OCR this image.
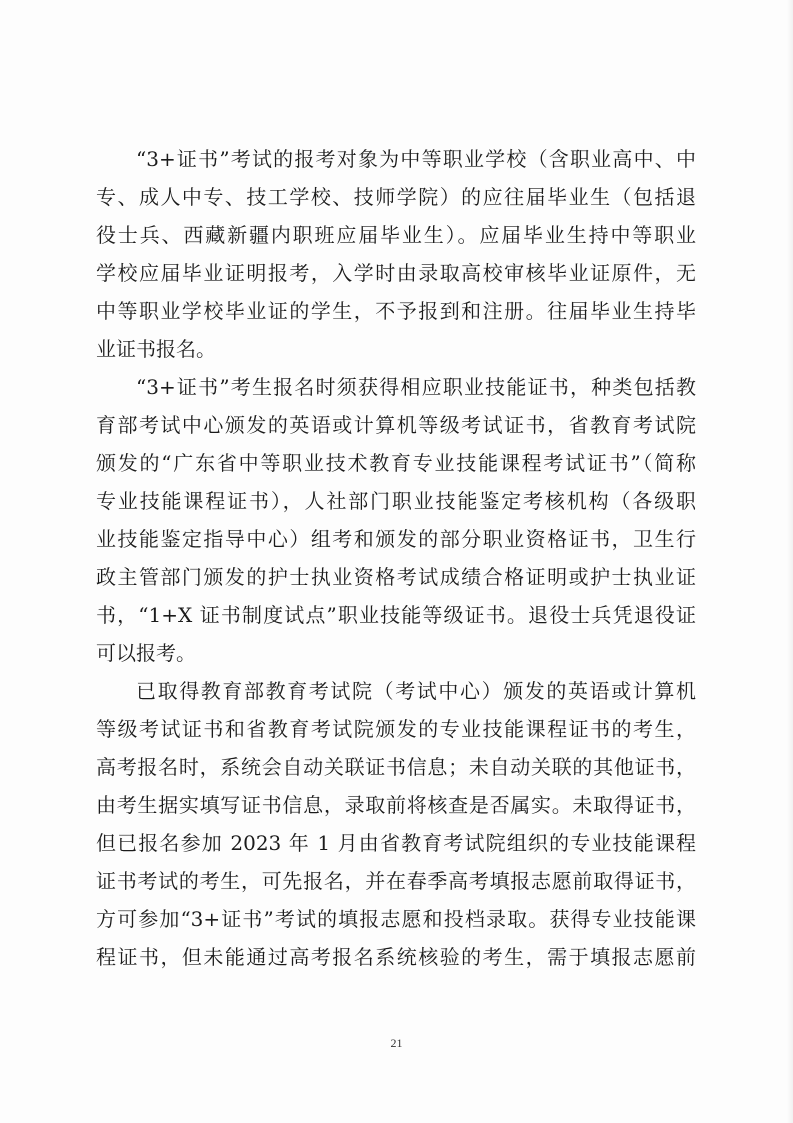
“3+证书”考试的报考对象为中等职业学校（含职业高中、中
专、成人中专、技工学校、技师学院）的应往届毕业生（包括退
役士兵、西藏新疆内职班应届毕业生）。应届毕业生持中等职业
学校应届毕业证明报考，入学时由录取高校审核毕业证原件，无
中等职业学校毕业证的学生，不予报到和注册。往届毕业生持毕
业证书报名。
“3+证书”考生报名时须获得相应职业技能证书，种类包括教
育部考试中心颁发的英语或计算机等级考试证书，省教育考试院
颁发的“广东省中等职业技术教育专业技能课程考试证书”（简称
专业技能课程证书），人社部门职业技能鉴定考核机构（各级职
业技能鉴定指导中心）组考和颁发的部分职业资格证书，卫生行
政主管部门颁发的护士执业资格考试成绩合格证明或护士执业证
书，“1+X 证书制度试点”职业技能等级证书。退役士兵凭退役证
可以报考。
已取得教育部教育考试院（考试中心）颁发的英语或计算机
等级考试证书和省教育考试院颁发的专业技能课程证书的考生，
高考报名时，系统会自动关联证书信息；未自动关联的其他证书，
由考生据实填写证书信息，录取前将核查是否属实。未取得证书，
但已报名参加 2023 年 1 月由省教育考试院组织的专业技能课程
证书考试的考生，可先报名，并在春季高考填报志愿前取得证书，
方可参加“3+证书”考试的填报志愿和投档录取。获得专业技能课
程证书，但未能通过高考报名系统核验的考生，需于填报志愿前
21
